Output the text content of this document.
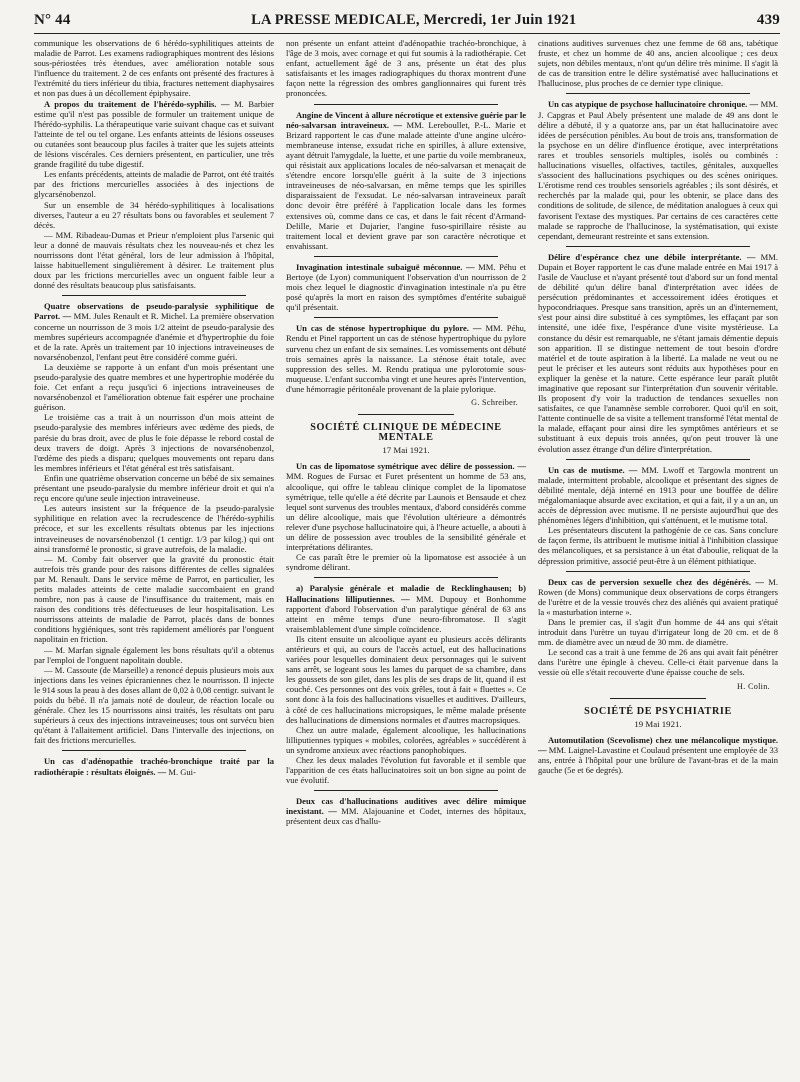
N° 44	LA PRESSE MEDICALE, Mercredi, 1er Juin 1921	439

communique les observations de 6 hérédo-syphilitiques atteints de maladie de Parrot. Les examens radiographiques montrent des lésions sous-périostées très étendues, avec amélioration notable sous l'influence du traitement. 2 de ces enfants ont présenté des fractures à l'extrémité du tiers inférieur du tibia, fractures nettement diaphysaires et non pas dues à un décollement épiphysaire.

A propos du traitement de l'hérédo-syphilis. — M. Barbier estime qu'il n'est pas possible de formuler un traitement unique de l'hérédo-syphilis. La thérapeutique varie suivant chaque cas et suivant l'atteinte de tel ou tel organe. Les enfants atteints de lésions osseuses ou cutanées sont beaucoup plus faciles à traiter que les sujets atteints de lésions viscérales. Ces derniers présentent, en particulier, une très grande fragilité du tube digestif.

Les enfants précédents, atteints de maladie de Parrot, ont été traités par des frictions mercurielles associées à des injections de glycarsénobenzol.

Sur un ensemble de 34 hérédo-syphilitiques à localisations diverses, l'auteur a eu 27 résultats bons ou favorables et seulement 7 décès.

— MM. Ribadeau-Dumas et Prieur n'emploient plus l'arsenic qui leur a donné de mauvais résultats chez les nouveau-nés et chez les nourrissons dont l'état général, lors de leur admission à l'hôpital, laisse habituellement singulièrement à désirer. Le traitement plus doux par les frictions mercurielles avec un onguent faible leur a donné des résultats beaucoup plus satisfaisants.

Quatre observations de pseudo-paralysie syphilitique de Parrot. — MM. Jules Renault et R. Michel. La première observation concerne un nourrisson de 3 mois 1/2 atteint de pseudo-paralysie des membres supérieurs accompagnée d'anémie et d'hypertrophie du foie et de la rate. Après un traitement par 10 injections intraveineuses de novarsénobenzol, l'enfant peut être considéré comme guéri.

La deuxième se rapporte à un enfant d'un mois présentant une pseudo-paralysie des quatre membres et une hypertrophie modérée du foie. Cet enfant a reçu jusqu'ici 6 injections intraveineuses de novarsénobenzol et l'amélioration obtenue fait espérer une prochaine guérison.

Le troisième cas a trait à un nourrisson d'un mois atteint de pseudo-paralysie des membres inférieurs avec œdème des pieds, de parésie du bras droit, avec de plus le foie dépasse le rebord costal de deux travers de doigt. Après 3 injections de novarsénobenzol, l'œdème des pieds a disparu; quelques mouvements ont reparu dans les membres inférieurs et l'état général est très satisfaisant.

Enfin une quatrième observation concerne un bébé de six semaines présentant une pseudo-paralysie du membre inférieur droit et qui n'a reçu encore qu'une seule injection intraveineuse.

Les auteurs insistent sur la fréquence de la pseudo-paralysie syphilitique en relation avec la recrudescence de l'hérédo-syphilis précoce, et sur les excellents résultats obtenus par les injections intraveineuses de novarsénobenzol (1 centigr. 1/3 par kilog.) qui ont ainsi transformé le pronostic, si grave autrefois, de la maladie.

— M. Comby fait observer que la gravité du pronostic était autrefois très grande pour des raisons différentes de celles signalées par M. Renault. Dans le service même de Parrot, en particulier, les petits malades atteints de cette maladie succombaient en grand nombre, non pas à cause de l'insuffisance du traitement, mais en raison des conditions très défectueuses de leur hospitalisation. Les nourrissons atteints de maladie de Parrot, placés dans de bonnes conditions hygiéniques, sont très rapidement améliorés par l'onguent napolitain en friction.

— M. Marfan signale également les bons résultats qu'il a obtenus par l'emploi de l'onguent napolitain double.

— M. Cassoute (de Marseille) a renoncé depuis plusieurs mois aux injections dans les veines épicraniennes chez le nourrisson. Il injecte le 914 sous la peau à des doses allant de 0,02 à 0,08 centigr. suivant le poids du bébé. Il n'a jamais noté de douleur, de réaction locale ou générale. Chez les 15 nourrissons ainsi traités, les résultats ont paru supérieurs à ceux des injections intraveineuses; tous ont survécu bien qu'étant à l'allaitement artificiel. Dans l'intervalle des injections, on fait des frictions mercurielles.

Un cas d'adénopathie trachéo-bronchique traité par la radiothérapie : résultats éloignés. — M. Gui-

non présente un enfant atteint d'adénopathie trachéo-bronchique, à l'âge de 3 mois, avec cornage et qui fut soumis à la radiothérapie. Cet enfant, actuellement âgé de 3 ans, présente un état des plus satisfaisants et les images radiographiques du thorax montrent d'une façon nette la régression des ombres ganglionnaires qui furent très prononcées.

Angine de Vincent à allure nécrotique et extensive guérie par le néo-salvarsan intraveineux. — MM. Lereboullet, P.-L. Marie et Brizard rapportent le cas d'une malade atteinte d'une angine ulcéro-membraneuse intense, exsudat riche en spirilles, à allure extensive, ayant détruit l'amygdale, la luette, et une partie du voile membraneux, qui résistait aux applications locales de néo-salvarsan et menaçait de s'étendre encore lorsqu'elle guérit à la suite de 3 injections intraveineuses de néo-salvarsan, en même temps que les spirilles disparaissaient de l'exsudat. Le néo-salvarsan intraveineux paraît donc devoir être préféré à l'application locale dans les formes extensives où, comme dans ce cas, et dans le fait récent d'Armand-Delille, Marie et Dujarier, l'angine fuso-spirillaire résiste au traitement local et devient grave par son caractère nécrotique et envahissant.

Invagination intestinale subaiguë méconnue. — MM. Péhu et Bertoye (de Lyon) communiquent l'observation d'un nourrisson de 2 mois chez lequel le diagnostic d'invagination intestinale n'a pu être posé qu'après la mort en raison des symptômes d'entérite subaiguë qu'il présentait.

Un cas de sténose hypertrophique du pylore. — MM. Péhu, Rendu et Pinel rapportent un cas de sténose hypertrophique du pylore survenu chez un enfant de six semaines. Les vomissements ont débuté trois semaines après la naissance. La sténose était totale, avec suppression des selles. M. Rendu pratiqua une pylorotomie sous-muqueuse. L'enfant succomba vingt et une heures après l'intervention, d'une hémorragie péritonéale provenant de la plaie pylorique.

G. Schreiber.
SOCIÉTÉ CLINIQUE DE MÉDECINE MENTALE
17 Mai 1921.

Un cas de lipomatose symétrique avec délire de possession. — MM. Rogues de Fursac et Furet présentent un homme de 53 ans, alcoolique, qui offre le tableau clinique complet de la lipomatose symétrique, telle qu'elle a été décrite par Launois et Bensaude et chez lequel sont survenus des troubles mentaux, d'abord considérés comme un délire alcoolique, mais que l'évolution ultérieure a démontrés relever d'une psychose hallucinatoire qui, à l'heure actuelle, a abouti à un délire de possession avec troubles de la sensibilité générale et interprétations délirantes.

Ce cas paraît être le premier où la lipomatose est associée à un syndrome délirant.

a) Paralysie générale et maladie de Recklinghausen; b) Hallucinations lilliputiennes. — MM. Dupouy et Bonhomme rapportent d'abord l'observation d'un paralytique général de 63 ans atteint en même temps d'une neuro-fibromatose. Il s'agit vraisemblablement d'une simple coïncidence.

Ils citent ensuite un alcoolique ayant eu plusieurs accès délirants antérieurs et qui, au cours de l'accès actuel, eut des hallucinations variées pour lesquelles dominaient deux personnages qui le suivent sans arrêt, se logeant sous les lames du parquet de sa chambre, dans les goussets de son gilet, dans les plis de ses draps de lit, quand il est couché. Ces personnes ont des voix grêles, tout à fait « fluettes ». Ce sont donc à la fois des hallucinations visuelles et auditives. D'ailleurs, à côté de ces hallucinations micropsiques, le même malade présente des hallucinations de dimensions normales et d'autres macropsiques.

Chez un autre malade, également alcoolique, les hallucinations lilliputiennes typiques « mobiles, colorées, agréables » succédèrent à un syndrome anxieux avec réactions panophobiques.

Chez les deux malades l'évolution fut favorable et il semble que l'apparition de ces états hallucinatoires soit un bon signe au point de vue évolutif.

Deux cas d'hallucinations auditives avec délire mimique inexistant. — MM. Alajouanine et Codet, internes des hôpitaux, présentent deux cas d'hallu-

cinations auditives survenues chez une femme de 68 ans, tabétique fruste, et chez un homme de 40 ans, ancien alcoolique ; ces deux sujets, non débiles mentaux, n'ont qu'un délire très minime. Il s'agit là de cas de transition entre le délire systématisé avec hallucinations et l'hallucinose, plus proches de ce dernier type clinique.

Un cas atypique de psychose hallucinatoire chronique. — MM. J. Capgras et Paul Abely présentent une malade de 49 ans dont le délire a débuté, il y a quatorze ans, par un état hallucinatoire avec idées de persécution pénibles. Au bout de trois ans, transformation de la psychose en un délire d'influence érotique, avec interprétations rares et troubles sensoriels multiples, isolés ou combinés : hallucinations visuelles, olfactives, tactiles, génitales, auxquelles s'associent des hallucinations psychiques ou des scènes oniriques. L'érotisme rend ces troubles sensoriels agréables ; ils sont désirés, et recherchés par la malade qui, pour les obtenir, se place dans des conditions de solitude, de silence, de méditation analogues à ceux qui favorisent l'extase des mystiques. Par certains de ces caractères cette malade se rapproche de l'hallucinose, la systématisation, qui existe cependant, demeurant restreinte et sans extension.

Délire d'espérance chez une débile interprétante. — MM. Dupain et Boyer rapportent le cas d'une malade entrée en Mai 1917 à l'asile de Vaucluse et n'ayant présenté tout d'abord sur un fond mental de débilité qu'un délire banal d'interprétation avec idées de persécution prédominantes et accessoirement idées érotiques et hypocondriaques. Presque sans transition, après un an d'internement, s'est pour ainsi dire substitué à ces symptômes, les effaçant par son intensité, une idée fixe, l'espérance d'une visite mystérieuse. La constance du désir est remarquable, ne s'étant jamais démentie depuis son apparition. Il se distingue nettement de tout besoin d'ordre matériel et de toute aspiration à la liberté. La malade ne veut ou ne peut le préciser et les auteurs sont réduits aux hypothèses pour en expliquer la genèse et la nature. Cette espérance leur paraît plutôt imaginative que reposant sur l'interprétation d'un souvenir véritable. Ils proposent d'y voir la traduction de tendances sexuelles non satisfaites, ce que l'anamnèse semble corroborer. Quoi qu'il en soit, l'attente continuelle de sa visite a tellement transformé l'état mental de la malade, effaçant pour ainsi dire les symptômes antérieurs et se substituant à eux depuis trois années, qu'on peut trouver là une évolution assez étrange d'un délire d'interprétation.

Un cas de mutisme. — MM. Lwoff et Targowla montrent un malade, intermittent probable, alcoolique et présentant des signes de débilité mentale, déjà interné en 1913 pour une bouffée de délire mégalomaniaque absurde avec excitation, et qui a fait, il y a un an, un accès de dépression avec mutisme. Il ne persiste aujourd'hui que des phénomènes légers d'inhibition, qui s'atténuent, et le mutisme total.

Les présentateurs discutent la pathogénie de ce cas. Sans conclure de façon ferme, ils attribuent le mutisme initial à l'inhibition classique des mélancoliques, et sa persistance à un état d'aboulie, reliquat de la dépression primitive, associé peut-être à un élément pithiatique.

Deux cas de perversion sexuelle chez des dégénérés. — M. Rowen (de Mons) communique deux observations de corps étrangers de l'urètre et de la vessie trouvés chez des aliénés qui avaient pratiqué la « masturbation interne ».

Dans le premier cas, il s'agit d'un homme de 44 ans qui s'était introduit dans l'urètre un tuyau d'irrigateur long de 20 cm. et de 8 mm. de diamètre avec un nœud de 30 mm. de diamètre.

Le second cas a trait à une femme de 26 ans qui avait fait pénétrer dans l'urètre une épingle à cheveu. Celle-ci était parvenue dans la vessie où elle s'était recouverte d'une épaisse couche de sels.

H. Colin.
SOCIÉTÉ DE PSYCHIATRIE
19 Mai 1921.

Automutilation (Scevolisme) chez une mélancolique mystique. — MM. Laignel-Lavastine et Coulaud présentent une employée de 33 ans, entrée à l'hôpital pour une brûlure de l'avant-bras et de la main gauche (5e et 6e degrés).
